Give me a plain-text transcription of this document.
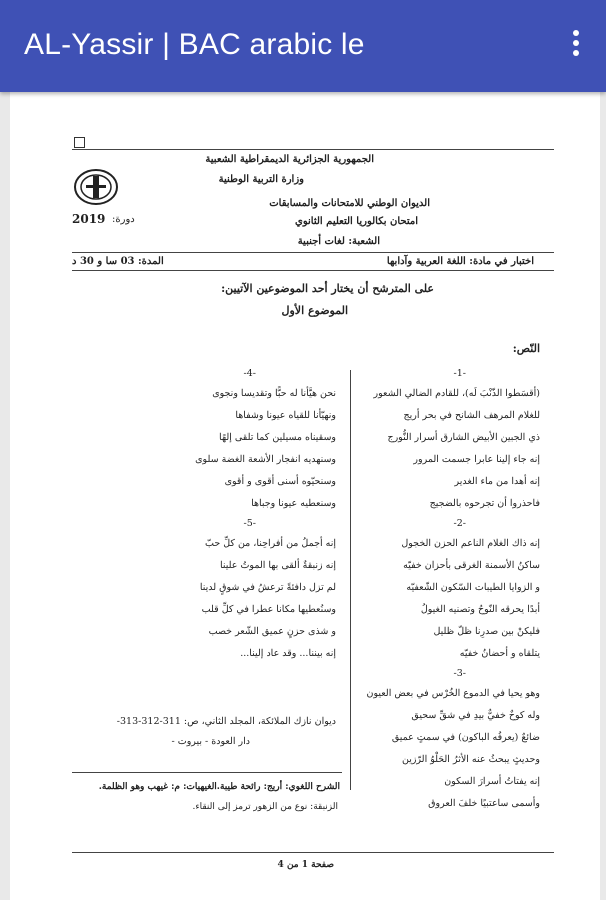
AL-Yassir | BAC arabic le
الجمهورية الجزائرية الديمقراطية الشعبية
وزارة التربية الوطنية
الديوان الوطني للامتحانات والمسابقات
امتحان بكالوريا التعليم الثانوي
الشعبة: لغات أجنبية
2019 دورة:
اختبار في مادة: اللغة العربية وآدابها
المدة: 03 سا و 30 د
على المترشح أن يختار أحد الموضوعين الآتيين:
الموضوع الأول
النّص:
-1-
(أقسَطوا الذّنْبَ لَه)، للقادم الضالي الشعور
للغلام المرهف الشانح في بحر أريج
ذي الجبين الأبيض الشارق أسرار النُّورج
إنه جاء إلينا عابرا جسمت المرور
إنه أهدا من ماء الغدير
فاحذروا أن تجرحوه بالضجيج
-2-
إنه ذاك الغلام الناعم الحزن الخجول
ساكنُ الأسمنة الغرقى بأحزان خفيّه
و الزوايا الطيبات السّكون الشّعفيّه
أبدًا يحرقه النّوحُ وتصنيه الغيولُ
فليكنْ بين صدرِنا ظلّ ظليل
يتلقاه و أحضانُ خفيّه
-3-
وهو يحيا في الدموع الخُرْس في بعض العيون
وله كوخٌ خفيٌّ بيدِ في شقِّ سحيق
ضائعٌ (يعرفُه الباكون) في سمتٍ عميق
وحديثٍ يبحثُ عنه الأثرُ الحَلْوُ الرّزين
إنه يفتاتُ أسرارَ السكون
وأسمى ساعتبيًا خلفَ العروق
-4-
نحن هيَّأنا له حبًّا وتقديسا ونجوى
ونهيّأنا للقياه عيونا وشفاها
وسقيناه مسيلين كما تلقى إلهًا
وسنهديه انفجار الأشعة الغضة سلوى
وسنحيّوه أسنى أقوى و أقوى
وسنعطيه عيونا وجباها
-5-
إنه أجملُ من أفراحِنا، من كلِّ حبّ
إنه زنبقةٌ ألقى بها الموتُ علينا
لم تزل دافئةً ترعشُ في شوقٍ لدينا
وسنُعطيها مكانا عطرا في كلِّ قلب
و شذى حزنٍ عميق الشّعر خصب
إنه بيننا... وقد عاد إلينا...
ديوان نازك الملائكة، المجلد الثاني، ص: 311-312-313-
دار العودة - بيروت -
الشرح اللغوي: أريج: رائحة طيبة.الغيهيات: م: غيهب وهو الظلمة.
الزنبقة: نوع من الزهور ترمز إلى النقاء.
صفحة 1 من 4
